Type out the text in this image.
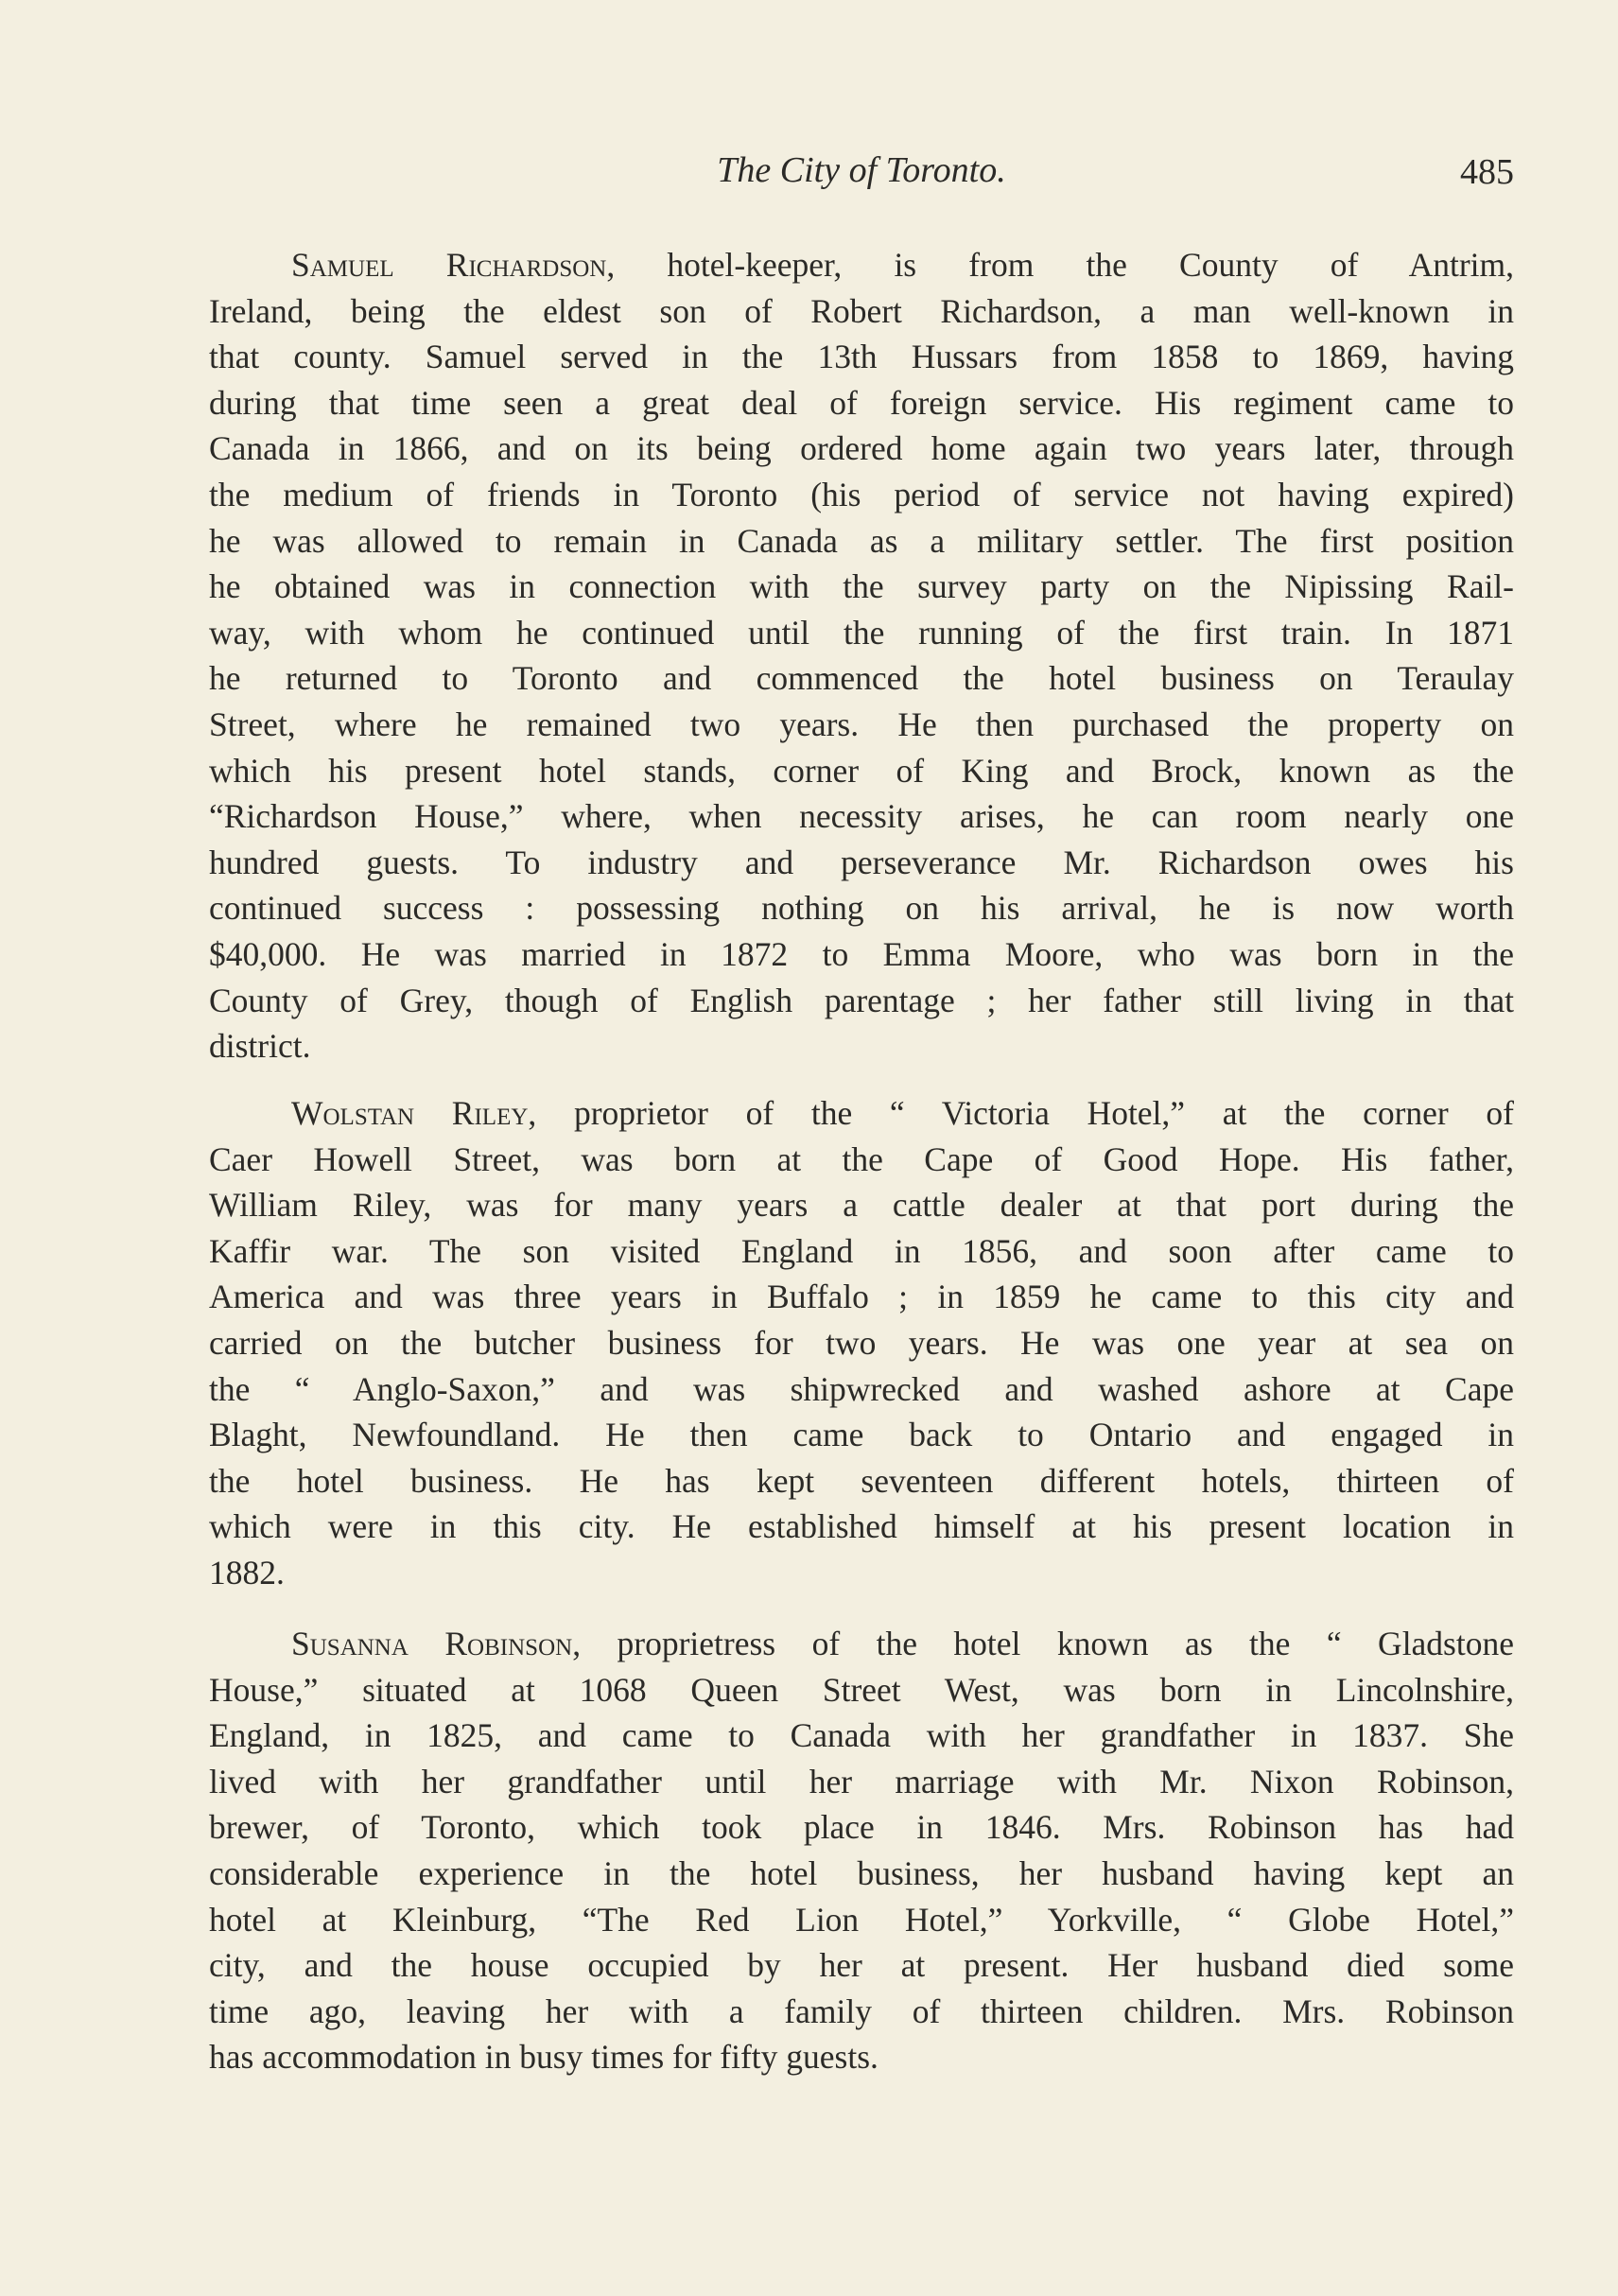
The City of Toronto.	485
Samuel Richardson, hotel-keeper, is from the County of Antrim,
Ireland, being the eldest son of Robert Richardson, a man well-known in
that county. Samuel served in the 13th Hussars from 1858 to 1869, having
during that time seen a great deal of foreign service. His regiment came to
Canada in 1866, and on its being ordered home again two years later, through
the medium of friends in Toronto (his period of service not having expired)
he was allowed to remain in Canada as a military settler. The first position
he obtained was in connection with the survey party on the Nipissing Rail-
way, with whom he continued until the running of the first train. In 1871
he returned to Toronto and commenced the hotel business on Teraulay
Street, where he remained two years. He then purchased the property on
which his present hotel stands, corner of King and Brock, known as the
“Richardson House,” where, when necessity arises, he can room nearly one
hundred guests. To industry and perseverance Mr. Richardson owes his
continued success : possessing nothing on his arrival, he is now worth
$40,000. He was married in 1872 to Emma Moore, who was born in the
County of Grey, though of English parentage ; her father still living in that
district.
Wolstan Riley, proprietor of the “ Victoria Hotel,” at the corner of
Caer Howell Street, was born at the Cape of Good Hope. His father,
William Riley, was for many years a cattle dealer at that port during the
Kaffir war. The son visited England in 1856, and soon after came to
America and was three years in Buffalo ; in 1859 he came to this city and
carried on the butcher business for two years. He was one year at sea on
the “ Anglo-Saxon,” and was shipwrecked and washed ashore at Cape
Blaght, Newfoundland. He then came back to Ontario and engaged in
the hotel business. He has kept seventeen different hotels, thirteen of
which were in this city. He established himself at his present location in
1882.
Susanna Robinson, proprietress of the hotel known as the “ Gladstone
House,” situated at 1068 Queen Street West, was born in Lincolnshire,
England, in 1825, and came to Canada with her grandfather in 1837. She
lived with her grandfather until her marriage with Mr. Nixon Robinson,
brewer, of Toronto, which took place in 1846. Mrs. Robinson has had
considerable experience in the hotel business, her husband having kept an
hotel at Kleinburg, “The Red Lion Hotel,” Yorkville, “ Globe Hotel,”
city, and the house occupied by her at present. Her husband died some
time ago, leaving her with a family of thirteen children. Mrs. Robinson
has accommodation in busy times for fifty guests.
